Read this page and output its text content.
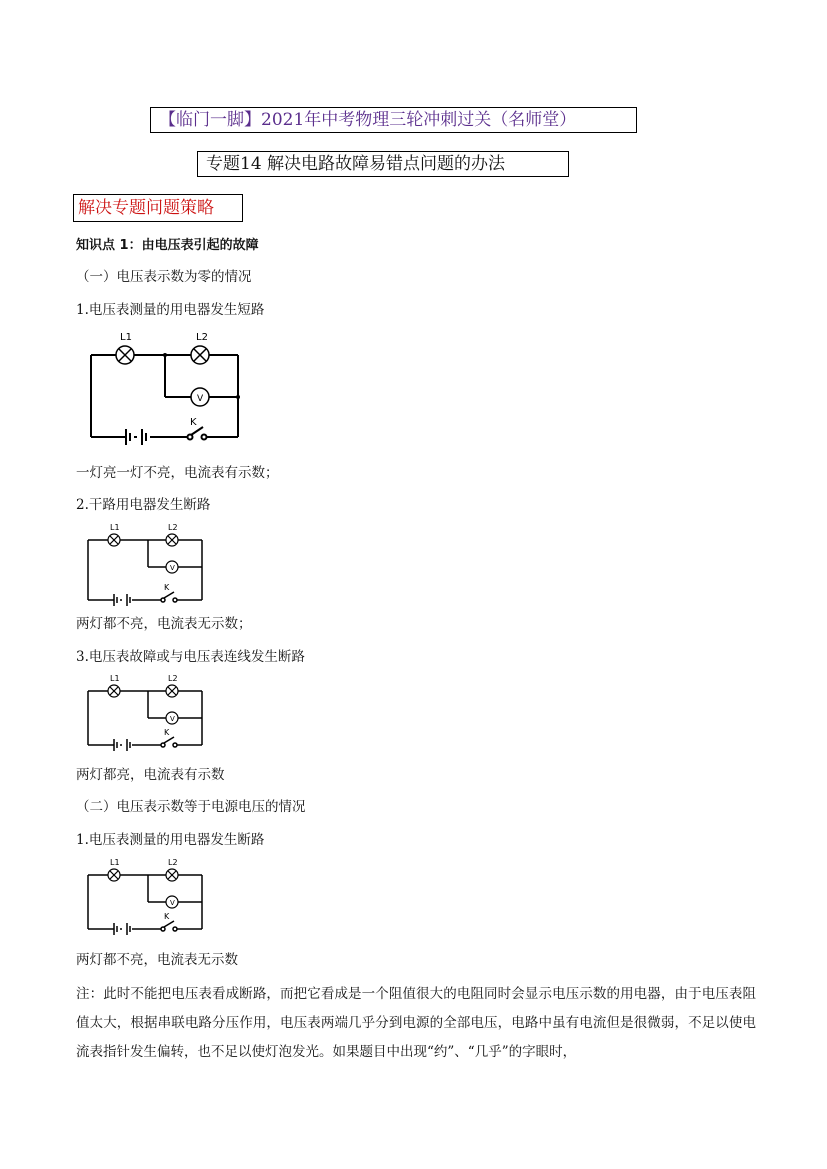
【临门一脚】2021年中考物理三轮冲刺过关（名师堂）
专题14 解决电路故障易错点问题的办法
解决专题问题策略
知识点 1：由电压表引起的故障
（一）电压表示数为零的情况
1.电压表测量的用电器发生短路
L1	L2
V
K
一灯亮一灯不亮，电流表有示数；
2.干路用电器发生断路
L1	L2
V
K
两灯都不亮，电流表无示数；
3.电压表故障或与电压表连线发生断路
L1	L2
V
K
两灯都亮，电流表有示数
（二）电压表示数等于电源电压的情况
1.电压表测量的用电器发生断路
L1	L2
V
K
两灯都不亮，电流表无示数
注：此时不能把电压表看成断路，而把它看成是一个阻值很大的电阻同时会显示电压示数的用电器，由于电压表阻值太大，根据串联电路分压作用，电压表两端几乎分到电源的全部电压，电路中虽有电流但是很微弱，不足以使电流表指针发生偏转，也不足以使灯泡发光。如果题目中出现“约”、“几乎”的字眼时，
